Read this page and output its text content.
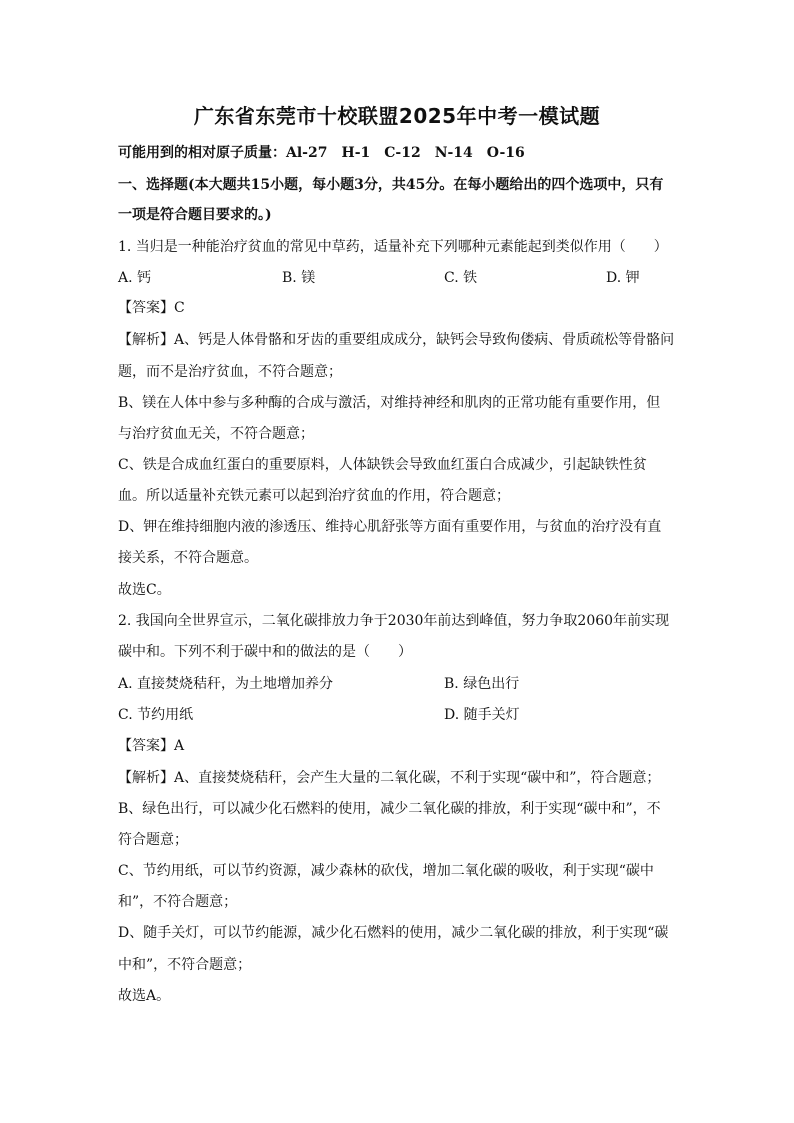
广东省东莞市十校联盟2025年中考一模试题
可能用到的相对原子质量：Al-27　H-1　C-12　N-14　O-16
一、选择题(本大题共15小题，每小题3分，共45分。在每小题给出的四个选项中，只有
一项是符合题目要求的。)
1. 当归是一种能治疗贫血的常见中草药，适量补充下列哪种元素能起到类似作用（　　）
A. 钙	B. 镁	C. 铁	D. 钾
【答案】C
【解析】A、钙是人体骨骼和牙齿的重要组成成分，缺钙会导致佝偻病、骨质疏松等骨骼问
题，而不是治疗贫血，不符合题意；
B、镁在人体中参与多种酶的合成与激活，对维持神经和肌肉的正常功能有重要作用，但
与治疗贫血无关，不符合题意；
C、铁是合成血红蛋白的重要原料，人体缺铁会导致血红蛋白合成减少，引起缺铁性贫
血。所以适量补充铁元素可以起到治疗贫血的作用，符合题意；
D、钾在维持细胞内液的渗透压、维持心肌舒张等方面有重要作用，与贫血的治疗没有直
接关系，不符合题意。
故选C。
2. 我国向全世界宣示，二氧化碳排放力争于2030年前达到峰值，努力争取2060年前实现
碳中和。下列不利于碳中和的做法的是（　　）
A. 直接焚烧秸秆，为土地增加养分	B. 绿色出行
C. 节约用纸	D. 随手关灯
【答案】A
【解析】A、直接焚烧秸秆，会产生大量的二氧化碳，不利于实现“碳中和”，符合题意；
B、绿色出行，可以减少化石燃料的使用，减少二氧化碳的排放，利于实现“碳中和”，不
符合题意；
C、节约用纸，可以节约资源，减少森林的砍伐，增加二氧化碳的吸收，利于实现“碳中
和”，不符合题意；
D、随手关灯，可以节约能源，减少化石燃料的使用，减少二氧化碳的排放，利于实现“碳
中和”，不符合题意；
故选A。
